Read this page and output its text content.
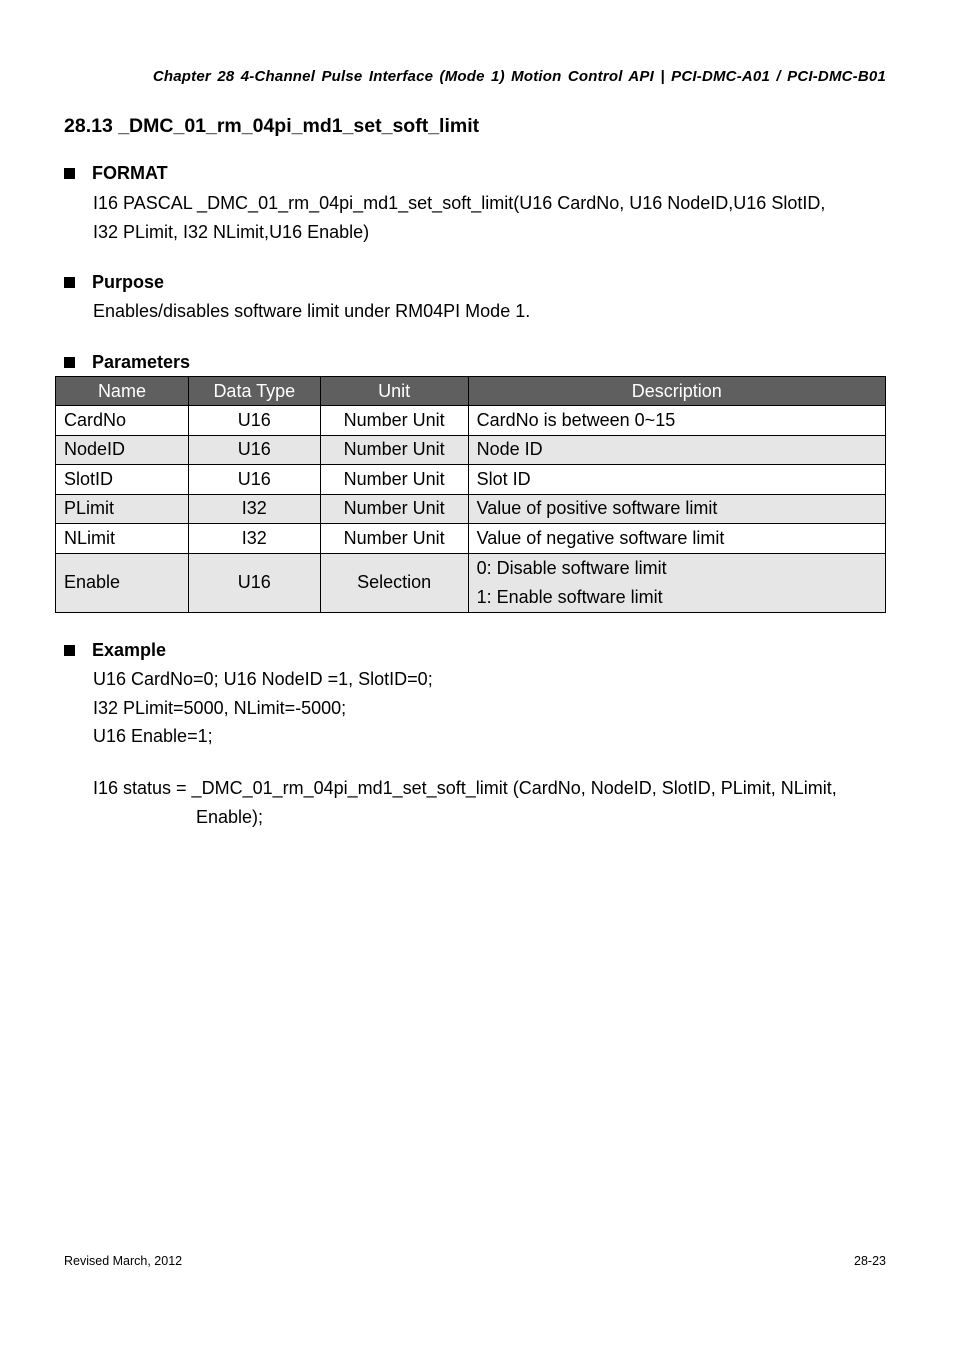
Chapter 28 4-Channel Pulse Interface (Mode 1) Motion Control API | PCI-DMC-A01 / PCI-DMC-B01
28.13 _DMC_01_rm_04pi_md1_set_soft_limit
FORMAT
I16 PASCAL _DMC_01_rm_04pi_md1_set_soft_limit(U16 CardNo, U16 NodeID,U16 SlotID,
I32 PLimit, I32 NLimit,U16 Enable)
Purpose
Enables/disables software limit under RM04PI Mode 1.
Parameters
Name	Data Type	Unit	Description
CardNo	U16	Number Unit	CardNo is between 0~15
NodeID	U16	Number Unit	Node ID
SlotID	U16	Number Unit	Slot ID
PLimit	I32	Number Unit	Value of positive software limit
NLimit	I32	Number Unit	Value of negative software limit
Enable	U16	Selection	0: Disable software limit
1: Enable software limit
Example
U16 CardNo=0; U16 NodeID =1, SlotID=0;
I32 PLimit=5000, NLimit=-5000;
U16 Enable=1;
I16 status = _DMC_01_rm_04pi_md1_set_soft_limit (CardNo, NodeID, SlotID, PLimit, NLimit,
Enable);
Revised March, 2012	28-23
